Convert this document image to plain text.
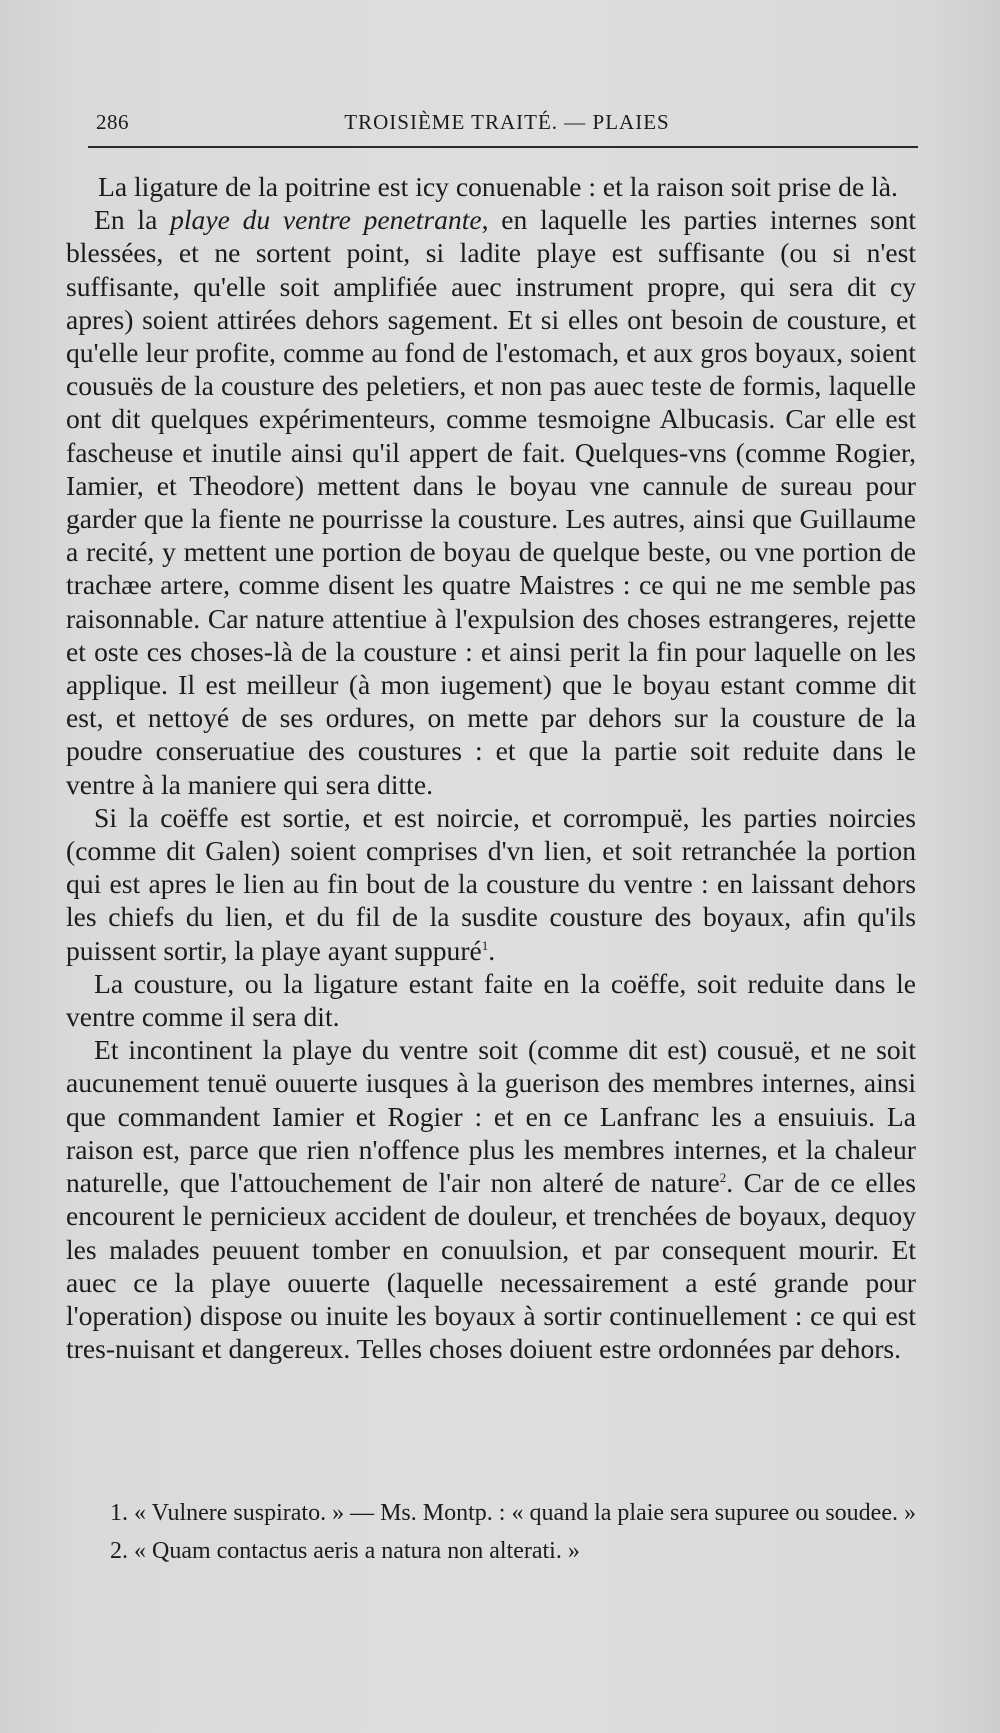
286	TROISIÈME TRAITÉ. — PLAIES

La ligature de la poitrine est icy conuenable : et la raison soit prise de là.

En la playe du ventre penetrante, en laquelle les parties internes sont blessées, et ne sortent point, si ladite playe est suffisante (ou si n'est suffisante, qu'elle soit amplifiée auec instrument propre, qui sera dit cy apres) soient attirées dehors sagement. Et si elles ont besoin de cousture, et qu'elle leur profite, comme au fond de l'estomach, et aux gros boyaux, soient cousuës de la cousture des peletiers, et non pas auec teste de formis, laquelle ont dit quelques expérimenteurs, comme tesmoigne Albucasis. Car elle est fascheuse et inutile ainsi qu'il appert de fait. Quelques-vns (comme Rogier, Iamier, et Theodore) mettent dans le boyau vne cannule de sureau pour garder que la fiente ne pourrisse la cousture. Les autres, ainsi que Guillaume a recité, y mettent une portion de boyau de quelque beste, ou vne portion de trachæe artere, comme disent les quatre Maistres : ce qui ne me semble pas raisonnable. Car nature attentiue à l'expulsion des choses estrangeres, rejette et oste ces choses-là de la cousture : et ainsi perit la fin pour laquelle on les applique. Il est meilleur (à mon iugement) que le boyau estant comme dit est, et nettoyé de ses ordures, on mette par dehors sur la cousture de la poudre conseruatiue des coustures : et que la partie soit reduite dans le ventre à la maniere qui sera ditte.

Si la coëffe est sortie, et est noircie, et corrompuë, les parties noircies (comme dit Galen) soient comprises d'vn lien, et soit retranchée la portion qui est apres le lien au fin bout de la cousture du ventre : en laissant dehors les chiefs du lien, et du fil de la susdite cousture des boyaux, afin qu'ils puissent sortir, la playe ayant suppuré$^1$.

La cousture, ou la ligature estant faite en la coëffe, soit reduite dans le ventre comme il sera dit.

Et incontinent la playe du ventre soit (comme dit est) cousuë, et ne soit aucunement tenuë ouuerte iusques à la guerison des membres internes, ainsi que commandent Iamier et Rogier : et en ce Lanfranc les a ensuiuis. La raison est, parce que rien n'offence plus les membres internes, et la chaleur naturelle, que l'attouchement de l'air non alteré de nature$^2$. Car de ce elles encourent le pernicieux accident de douleur, et trenchées de boyaux, dequoy les malades peuuent tomber en conuulsion, et par consequent mourir. Et auec ce la playe ouuerte (laquelle necessairement a esté grande pour l'operation) dispose ou inuite les boyaux à sortir continuellement : ce qui est tres-nuisant et dangereux. Telles choses doiuent estre ordonnées par dehors.

1. « Vulnere suspirato. » — Ms. Montp. : « quand la plaie sera supuree ou soudee. »

2. « Quam contactus aeris a natura non alterati. »
